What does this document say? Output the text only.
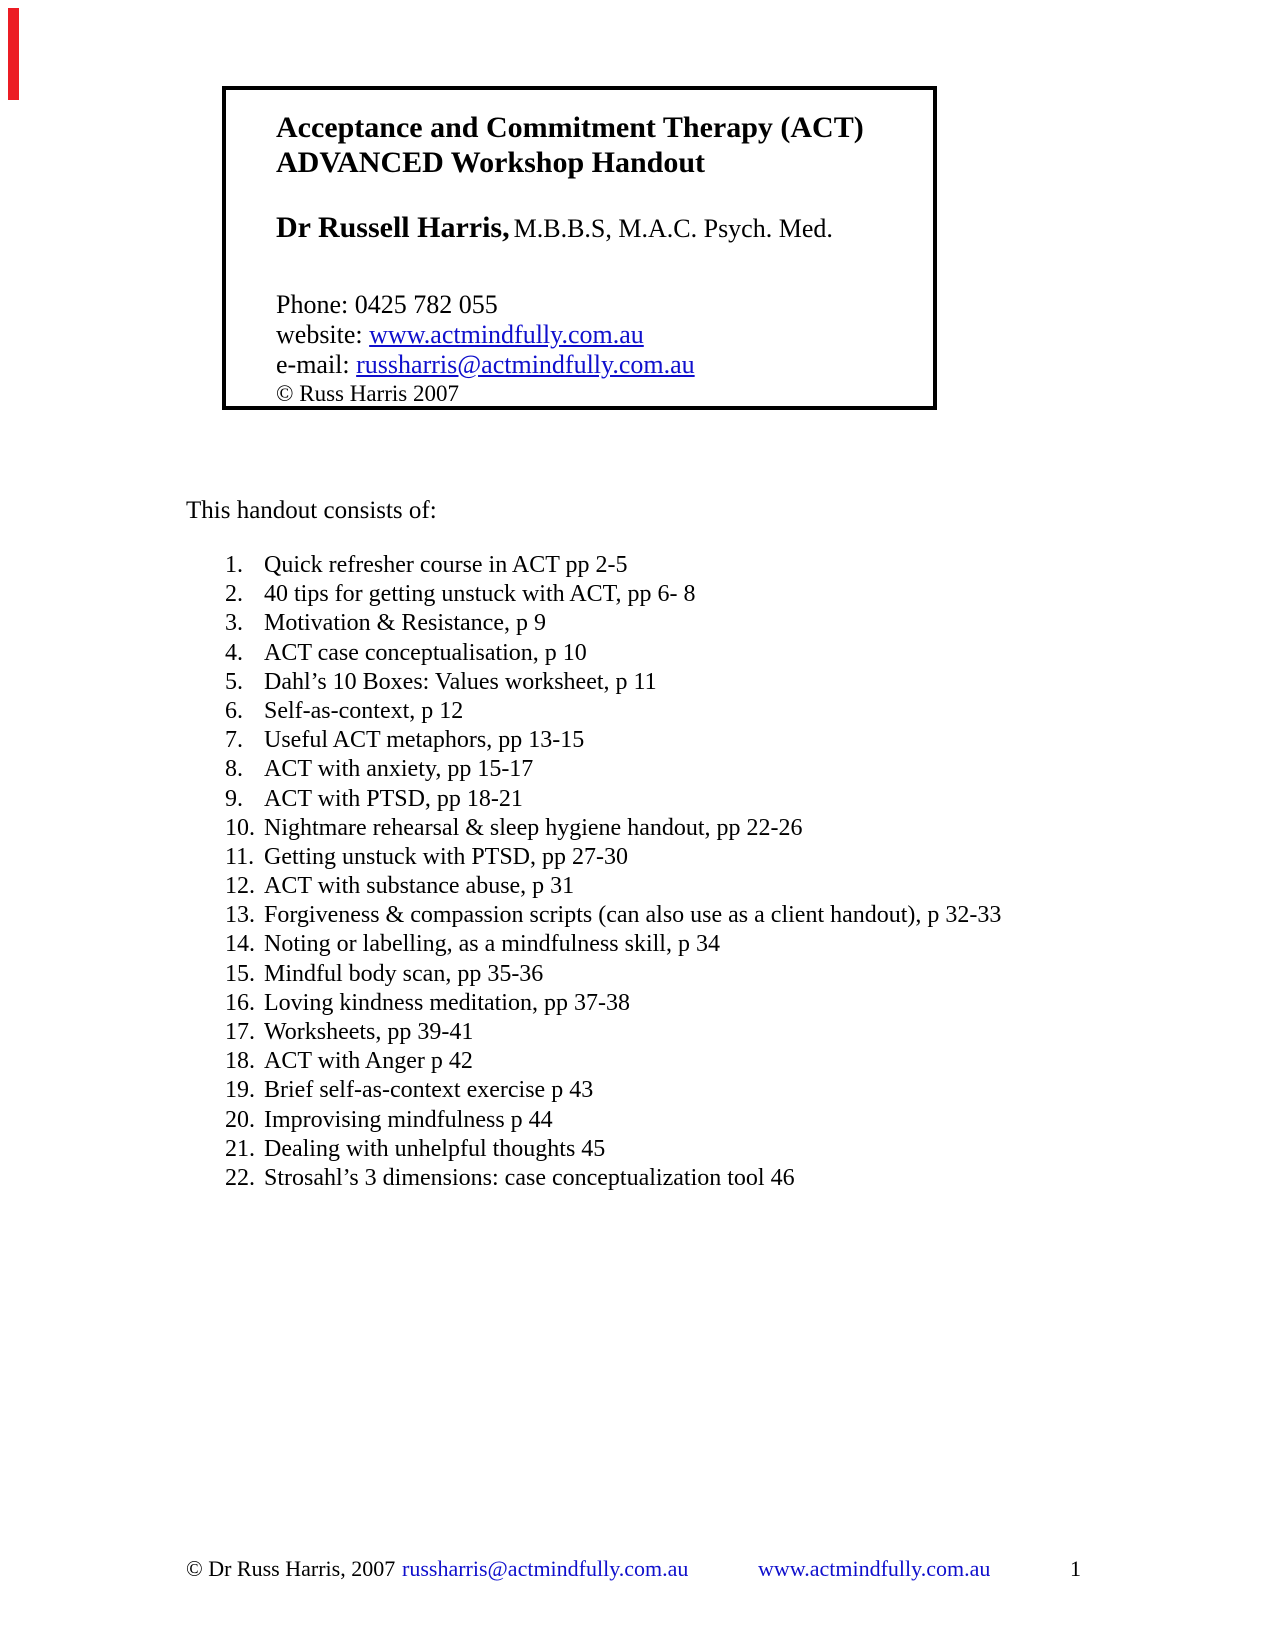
Acceptance and Commitment Therapy (ACT)
ADVANCED Workshop Handout
Dr Russell Harris, M.B.B.S, M.A.C. Psych. Med.
Phone: 0425 782 055
website: www.actmindfully.com.au
e-mail: russharris@actmindfully.com.au
© Russ Harris 2007
This handout consists of:
1. Quick refresher course in ACT pp 2-5
2. 40 tips for getting unstuck with ACT, pp 6- 8
3. Motivation & Resistance, p 9
4. ACT case conceptualisation, p 10
5. Dahl’s 10 Boxes: Values worksheet, p 11
6. Self-as-context, p 12
7. Useful ACT metaphors, pp 13-15
8. ACT with anxiety, pp 15-17
9. ACT with PTSD, pp 18-21
10. Nightmare rehearsal & sleep hygiene handout, pp 22-26
11. Getting unstuck with PTSD, pp 27-30
12. ACT with substance abuse, p 31
13. Forgiveness & compassion scripts (can also use as a client handout), p 32-33
14. Noting or labelling, as a mindfulness skill, p 34
15. Mindful body scan, pp 35-36
16. Loving kindness meditation, pp 37-38
17. Worksheets, pp 39-41
18. ACT with Anger p 42
19. Brief self-as-context exercise p 43
20. Improvising mindfulness p 44
21. Dealing with unhelpful thoughts 45
22. Strosahl’s 3 dimensions: case conceptualization tool 46
© Dr Russ Harris, 2007 russharris@actmindfully.com.au	www.actmindfully.com.au	1
